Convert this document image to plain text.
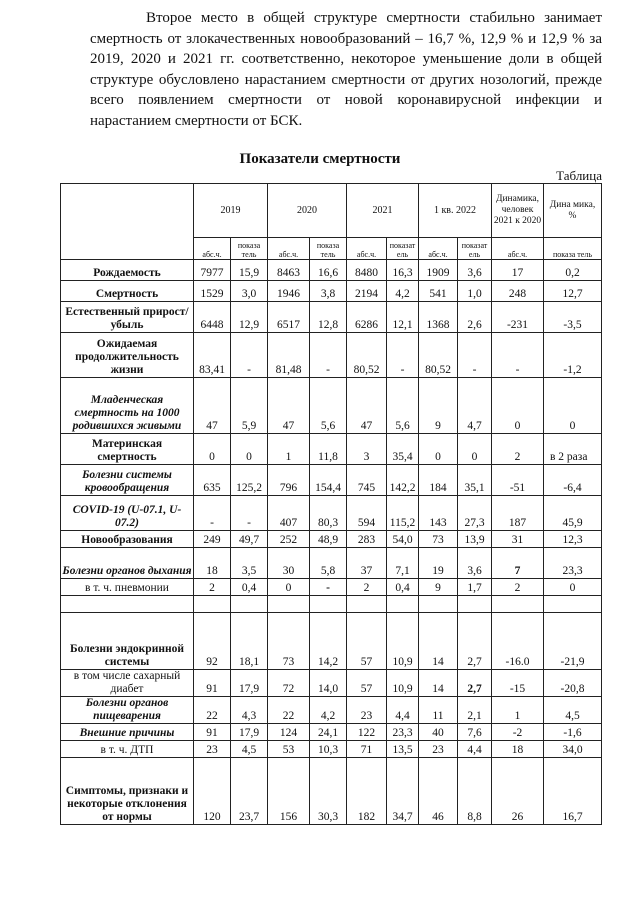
Второе место в общей структуре смертности стабильно занимает смертность от злокачественных новообразований – 16,7 %, 12,9 % и 12,9 % за 2019, 2020 и 2021 гг. соответственно, некоторое уменьшение доли в общей структуре обусловлено нарастанием смертности от других нозологий, прежде всего появлением смертности от новой коронавирусной инфекции и нарастанием смертности от БСК.

Показатели смертности
Таблица
	2019		2020		2021		1 кв. 2022		Динамика, человек 2021 к 2020	Дина мика, %
	абс.ч.	показа тель	абс.ч.	показа тель	абс.ч.	показат ель	абс.ч.	показат ель	абс.ч.	показа тель
Рождаемость	7977	15,9	8463	16,6	8480	16,3	1909	3,6	17	0,2
Смертность	1529	3,0	1946	3,8	2194	4,2	541	1,0	248	12,7
Естественный прирост/убыль	6448	12,9	6517	12,8	6286	12,1	1368	2,6	-231	-3,5
Ожидаемая продолжительность жизни	83,41	-	81,48	-	80,52	-	80,52	-	-	-1,2
Младенческая смертность на 1000 родившихся живыми	47	5,9	47	5,6	47	5,6	9	4,7	0	0
Материнская смертность	0	0	1	11,8	3	35,4	0	0	2	в 2 раза
Болезни системы кровообращения	635	125,2	796	154,4	745	142,2	184	35,1	-51	-6,4
COVID-19 (U-07.1, U-07.2)	-	-	407	80,3	594	115,2	143	27,3	187	45,9
Новообразования	249	49,7	252	48,9	283	54,0	73	13,9	31	12,3
Болезни органов дыхания	18	3,5	30	5,8	37	7,1	19	3,6	7	23,3
в т. ч. пневмонии	2	0,4	0	-	2	0,4	9	1,7	2	0

Болезни эндокринной системы	92	18,1	73	14,2	57	10,9	14	2,7	-16.0	-21,9
в том числе сахарный диабет	91	17,9	72	14,0	57	10,9	14	2,7	-15	-20,8
Болезни органов пищеварения	22	4,3	22	4,2	23	4,4	11	2,1	1	4,5
Внешние причины	91	17,9	124	24,1	122	23,3	40	7,6	-2	-1,6
в т. ч. ДТП	23	4,5	53	10,3	71	13,5	23	4,4	18	34,0
Симптомы, признаки и некоторые отклонения от нормы	120	23,7	156	30,3	182	34,7	46	8,8	26	16,7
